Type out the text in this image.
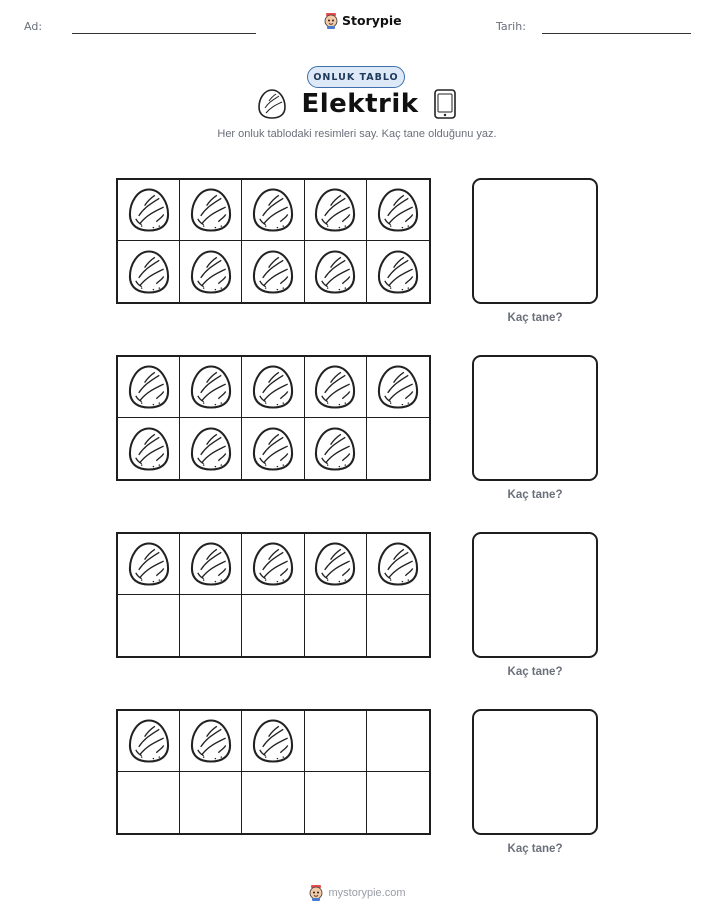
Ad:	Storypie	Tarih:
ONLUK TABLO
Elektrik
Her onluk tablodaki resimleri say. Kaç tane olduğunu yaz.
Kaç tane?
Kaç tane?
Kaç tane?
Kaç tane?
mystorypie.com
